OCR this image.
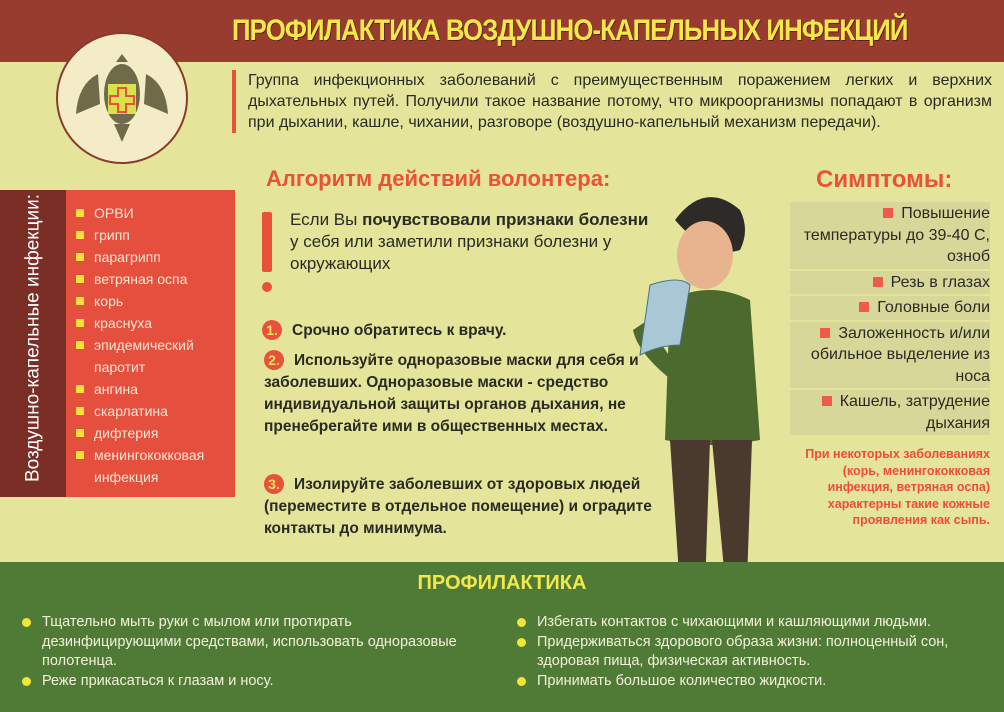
ПРОФИЛАКТИКА ВОЗДУШНО-КАПЕЛЬНЫХ ИНФЕКЦИЙ
Группа инфекционных заболеваний с преимущественным поражением легких и верхних дыхательных путей. Получили такое название потому, что микроорганизмы попадают в организм при дыхании, кашле, чихании, разговоре (воздушно-капельный механизм передачи).
Воздушно-капельные инфекции:	ОРВИ
грипп
парагрипп
ветряная оспа
корь
краснуха
эпидемический паротит
ангина
скарлатина
дифтерия
менингококковая инфекция
Алгоритм действий волонтера:
Если Вы почувствовали признаки болезни у себя или заметили признаки болезни у окружающих
1. Срочно обратитесь к врачу.
2. Используйте одноразовые маски для себя и заболевших. Одноразовые маски - средство индивидуальной защиты органов дыхания, не пренебрегайте ими в общественных местах.
3. Изолируйте заболевших от здоровых людей (переместите в отдельное помещение) и оградите контакты до минимума.
Симптомы:
Повышение температуры до 39-40 С, озноб
Резь в глазах
Головные боли
Заложенность и/или обильное выделение из носа
Кашель, затрудение дыхания
При некоторых заболеваниях (корь, менингококковая инфекция, ветряная оспа) характерны такие кожные проявления как сыпь.
ПРОФИЛАКТИКА
Тщательно мыть руки с мылом или протирать дезинфицирующими средствами, использовать одноразовые полотенца.
Реже прикасаться к глазам и носу.
Избегать контактов с чихающими и кашляющими людьми.
Придерживаться здорового образа жизни: полноценный сон, здоровая пища, физическая активность.
Принимать большое количество жидкости.
